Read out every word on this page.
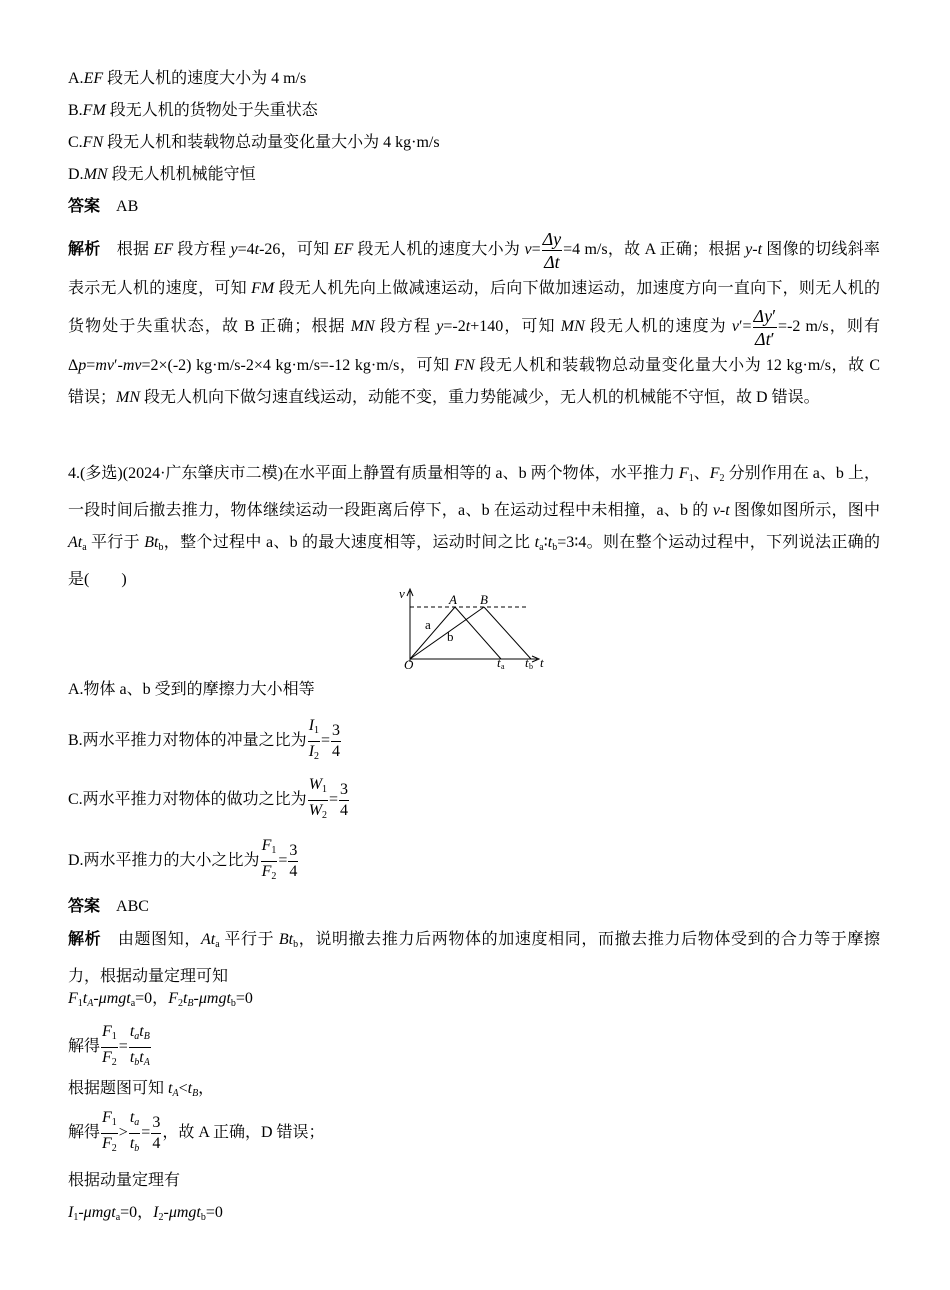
A.EF 段无人机的速度大小为 4 m/s
B.FM 段无人机的货物处于失重状态
C.FN 段无人机和装载物总动量变化量大小为 4 kg·m/s
D.MN 段无人机机械能守恒
答案　 AB
解析　根据 EF 段方程 y=4t-26，可知 EF 段无人机的速度大小为 $v= \frac{\Delta y}{\Delta t} =4$ m/s，故 A 正确；根据 y-t 图像的切线斜率表示无人机的速度，可知 FM 段无人机先向上做减速运动，后向下做加速运动，加速度方向一直向下，则无人机的货物处于失重状态，故 B 正确；根据 MN 段方程 y=-2t+140，可知 MN 段无人机的速度为 $v'= \frac{\Delta y'}{\Delta t'} =-2$ m/s，则有 Δp=mv′-mv=2×(-2) kg·m/s-2×4 kg·m/s=-12 kg·m/s，可知 FN 段无人机和装载物总动量变化量大小为 12 kg·m/s，故 C 错误；MN 段无人机向下做匀速直线运动，动能不变，重力势能减少，无人机的机械能不守恒，故 D 错误。
4.(多选)(2024·广东肇庆市二模)在水平面上静置有质量相等的 a、b 两个物体，水平推力 $F_1$、$F_2$ 分别作用在 a、b 上，一段时间后撤去推力，物体继续运动一段距离后停下，a、b 在运动过程中未相撞，a、b 的 v-t 图像如图所示，图中 $At_a$ 平行于 $Bt_b$，整个过程中 a、b 的最大速度相等，运动时间之比 $t_a∶t_b=3∶4$。则在整个运动过程中，下列说法正确的是(　　)
v	A B
O	t t t
a
b
a	b
A.物体 a、b 受到的摩擦力大小相等
B.两水平推力对物体的冲量之比为 $\frac{I_1}{I_2} = \frac{3}{4}$
C.两水平推力对物体的做功之比为 $\frac{W_1}{W_2} = \frac{3}{4}$
D.两水平推力的大小之比为 $\frac{F_1}{F_2} = \frac{3}{4}$
答案　 ABC
解析　由题图知，$At_a$ 平行于 $Bt_b$，说明撤去推力后两物体的加速度相同，而撤去推力后物体受到的合力等于摩擦力，根据动量定理可知
$F_1t_A-\mu mgt_a=0$，$F_2t_B-\mu mgt_b=0$
解得 $\frac{F_1}{F_2} = \frac{t_at_B}{t_bt_A}$
根据题图可知 $t_A<t_B$，
解得 $\frac{F_1}{F_2} > \frac{t_a}{t_b} = \frac{3}{4}$ ，故 A 正确，D 错误；
根据动量定理有
$I_1-\mu mgt_a=0$，$I_2-\mu mgt_b=0$
